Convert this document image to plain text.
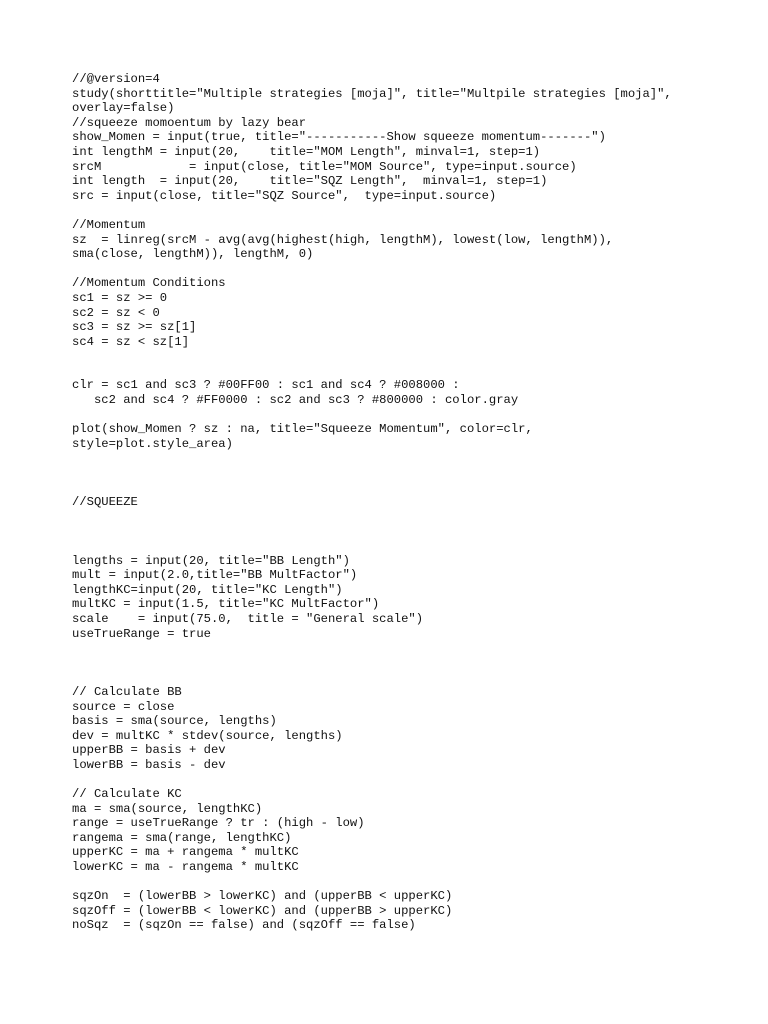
//@version=4
study(shorttitle="Multiple strategies [moja]", title="Multpile strategies [moja]",
overlay=false)
//squeeze momoentum by lazy bear
show_Momen = input(true, title="-----------Show squeeze momentum-------")
int lengthM = input(20,    title="MOM Length", minval=1, step=1)
srcM            = input(close, title="MOM Source", type=input.source)
int length  = input(20,    title="SQZ Length",  minval=1, step=1)
src = input(close, title="SQZ Source",  type=input.source)
//Momentum
sz  = linreg(srcM - avg(avg(highest(high, lengthM), lowest(low, lengthM)),
sma(close, lengthM)), lengthM, 0)
//Momentum Conditions
sc1 = sz >= 0
sc2 = sz < 0
sc3 = sz >= sz[1]
sc4 = sz < sz[1]
clr = sc1 and sc3 ? #00FF00 : sc1 and sc4 ? #008000 :
sc2 and sc4 ? #FF0000 : sc2 and sc3 ? #800000 : color.gray
plot(show_Momen ? sz : na, title="Squeeze Momentum", color=clr,
style=plot.style_area)
//SQUEEZE
lengths = input(20, title="BB Length")
mult = input(2.0,title="BB MultFactor")
lengthKC=input(20, title="KC Length")
multKC = input(1.5, title="KC MultFactor")
scale    = input(75.0,  title = "General scale")
useTrueRange = true
// Calculate BB
source = close
basis = sma(source, lengths)
dev = multKC * stdev(source, lengths)
upperBB = basis + dev
lowerBB = basis - dev
// Calculate KC
ma = sma(source, lengthKC)
range = useTrueRange ? tr : (high - low)
rangema = sma(range, lengthKC)
upperKC = ma + rangema * multKC
lowerKC = ma - rangema * multKC
sqzOn  = (lowerBB > lowerKC) and (upperBB < upperKC)
sqzOff = (lowerBB < lowerKC) and (upperBB > upperKC)
noSqz  = (sqzOn == false) and (sqzOff == false)
